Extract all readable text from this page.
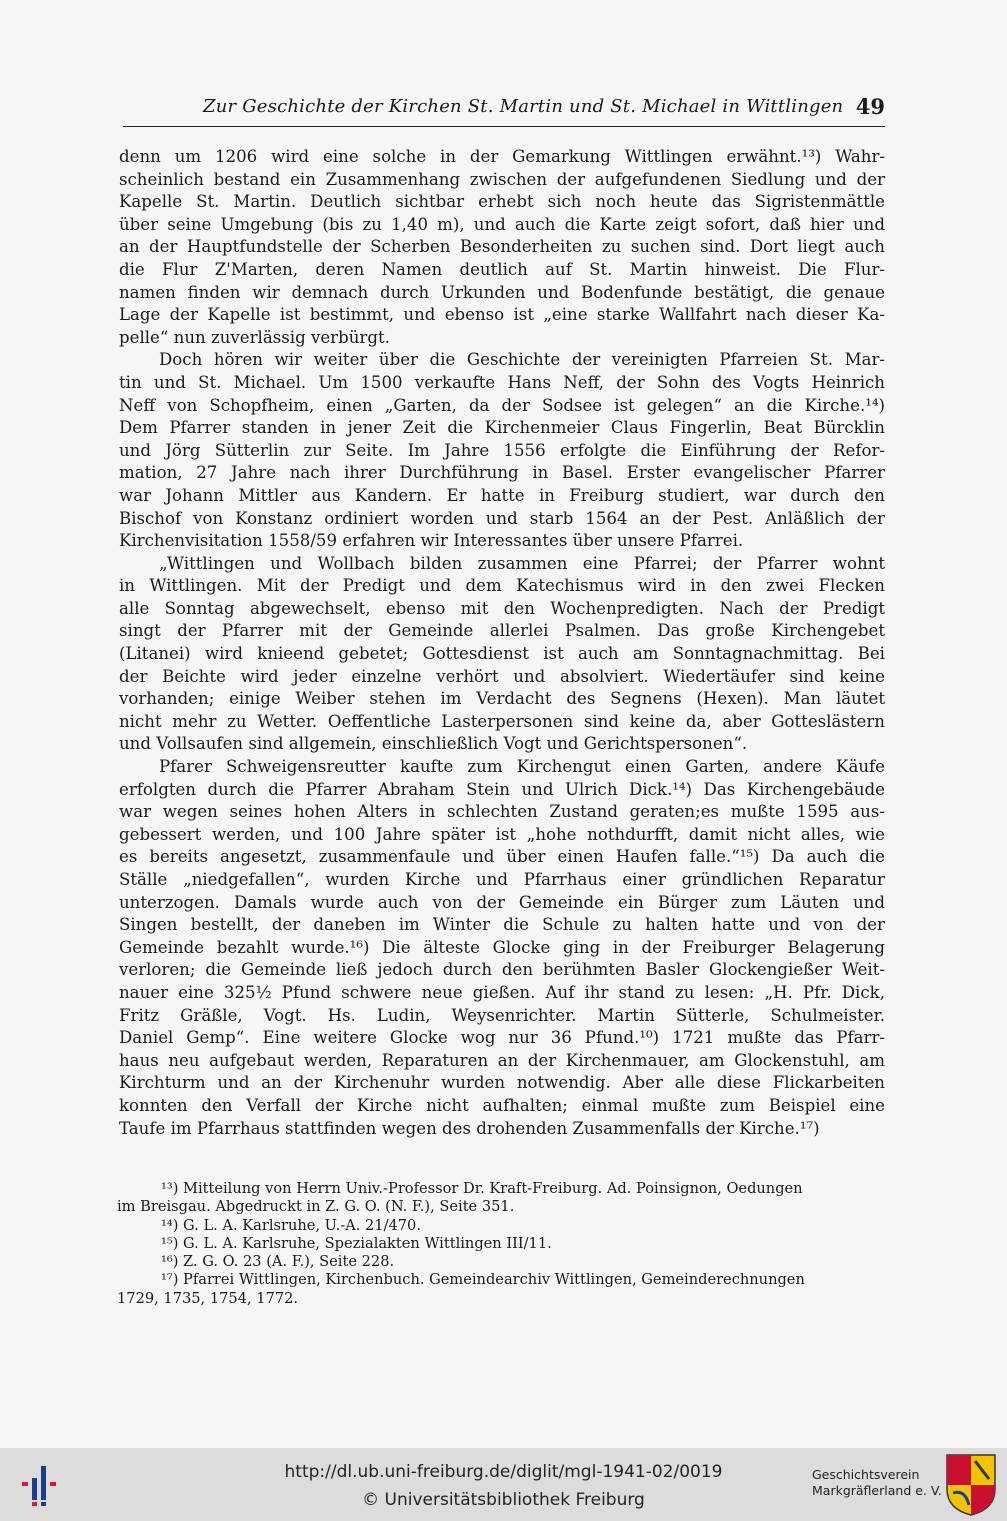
Zur Geschichte der Kirchen St. Martin und St. Michael in Wittlingen 49
denn um 1206 wird eine solche in der Gemarkung Wittlingen erwähnt.¹³) Wahr-
scheinlich bestand ein Zusammenhang zwischen der aufgefundenen Siedlung und der
Kapelle St. Martin. Deutlich sichtbar erhebt sich noch heute das Sigristenmättle
über seine Umgebung (bis zu 1,40 m), und auch die Karte zeigt sofort, daß hier und
an der Hauptfundstelle der Scherben Besonderheiten zu suchen sind. Dort liegt auch
die Flur Z'Marten, deren Namen deutlich auf St. Martin hinweist. Die Flur-
namen finden wir demnach durch Urkunden und Bodenfunde bestätigt, die genaue
Lage der Kapelle ist bestimmt, und ebenso ist „eine starke Wallfahrt nach dieser Ka-
pelle“ nun zuverlässig verbürgt.
Doch hören wir weiter über die Geschichte der vereinigten Pfarreien St. Mar-
tin und St. Michael. Um 1500 verkaufte Hans Neff, der Sohn des Vogts Heinrich
Neff von Schopfheim, einen „Garten, da der Sodsee ist gelegen“ an die Kirche.¹⁴)
Dem Pfarrer standen in jener Zeit die Kirchenmeier Claus Fingerlin, Beat Bürcklin
und Jörg Sütterlin zur Seite. Im Jahre 1556 erfolgte die Einführung der Refor-
mation, 27 Jahre nach ihrer Durchführung in Basel. Erster evangelischer Pfarrer
war Johann Mittler aus Kandern. Er hatte in Freiburg studiert, war durch den
Bischof von Konstanz ordiniert worden und starb 1564 an der Pest. Anläßlich der
Kirchenvisitation 1558/59 erfahren wir Interessantes über unsere Pfarrei.
„Wittlingen und Wollbach bilden zusammen eine Pfarrei; der Pfarrer wohnt
in Wittlingen. Mit der Predigt und dem Katechismus wird in den zwei Flecken
alle Sonntag abgewechselt, ebenso mit den Wochenpredigten. Nach der Predigt
singt der Pfarrer mit der Gemeinde allerlei Psalmen. Das große Kirchengebet
(Litanei) wird knieend gebetet; Gottesdienst ist auch am Sonntagnachmittag. Bei
der Beichte wird jeder einzelne verhört und absolviert. Wiedertäufer sind keine
vorhanden; einige Weiber stehen im Verdacht des Segnens (Hexen). Man läutet
nicht mehr zu Wetter. Oeffentliche Lasterpersonen sind keine da, aber Gotteslästern
und Vollsaufen sind allgemein, einschließlich Vogt und Gerichtspersonen“.
Pfarer Schweigensreutter kaufte zum Kirchengut einen Garten, andere Käufe
erfolgten durch die Pfarrer Abraham Stein und Ulrich Dick.¹⁴) Das Kirchengebäude
war wegen seines hohen Alters in schlechten Zustand geraten;es mußte 1595 aus-
gebessert werden, und 100 Jahre später ist „hohe nothdurfft, damit nicht alles, wie
es bereits angesetzt, zusammenfaule und über einen Haufen falle.“¹⁵) Da auch die
Ställe „niedgefallen“, wurden Kirche und Pfarrhaus einer gründlichen Reparatur
unterzogen. Damals wurde auch von der Gemeinde ein Bürger zum Läuten und
Singen bestellt, der daneben im Winter die Schule zu halten hatte und von der
Gemeinde bezahlt wurde.¹⁶) Die älteste Glocke ging in der Freiburger Belagerung
verloren; die Gemeinde ließ jedoch durch den berühmten Basler Glockengießer Weit-
nauer eine 325½ Pfund schwere neue gießen. Auf ihr stand zu lesen: „H. Pfr. Dick,
Fritz Gräßle, Vogt. Hs. Ludin, Weysenrichter. Martin Sütterle, Schulmeister.
Daniel Gemp“. Eine weitere Glocke wog nur 36 Pfund.¹⁰) 1721 mußte das Pfarr-
haus neu aufgebaut werden, Reparaturen an der Kirchenmauer, am Glockenstuhl, am
Kirchturm und an der Kirchenuhr wurden notwendig. Aber alle diese Flickarbeiten
konnten den Verfall der Kirche nicht aufhalten; einmal mußte zum Beispiel eine
Taufe im Pfarrhaus stattfinden wegen des drohenden Zusammenfalls der Kirche.¹⁷)
¹³) Mitteilung von Herrn Univ.-Professor Dr. Kraft-Freiburg. Ad. Poinsignon, Oedungen
im Breisgau. Abgedruckt in Z. G. O. (N. F.), Seite 351.
¹⁴) G. L. A. Karlsruhe, U.-A. 21/470.
¹⁵) G. L. A. Karlsruhe, Spezialakten Wittlingen III/11.
¹⁶) Z. G. O. 23 (A. F.), Seite 228.
¹⁷) Pfarrei Wittlingen, Kirchenbuch. Gemeindearchiv Wittlingen, Gemeinderechnungen
1729, 1735, 1754, 1772.
http://dl.ub.uni-freiburg.de/diglit/mgl-1941-02/0019
© Universitätsbibliothek Freiburg
Geschichtsverein
Markgräflerland e. V.
